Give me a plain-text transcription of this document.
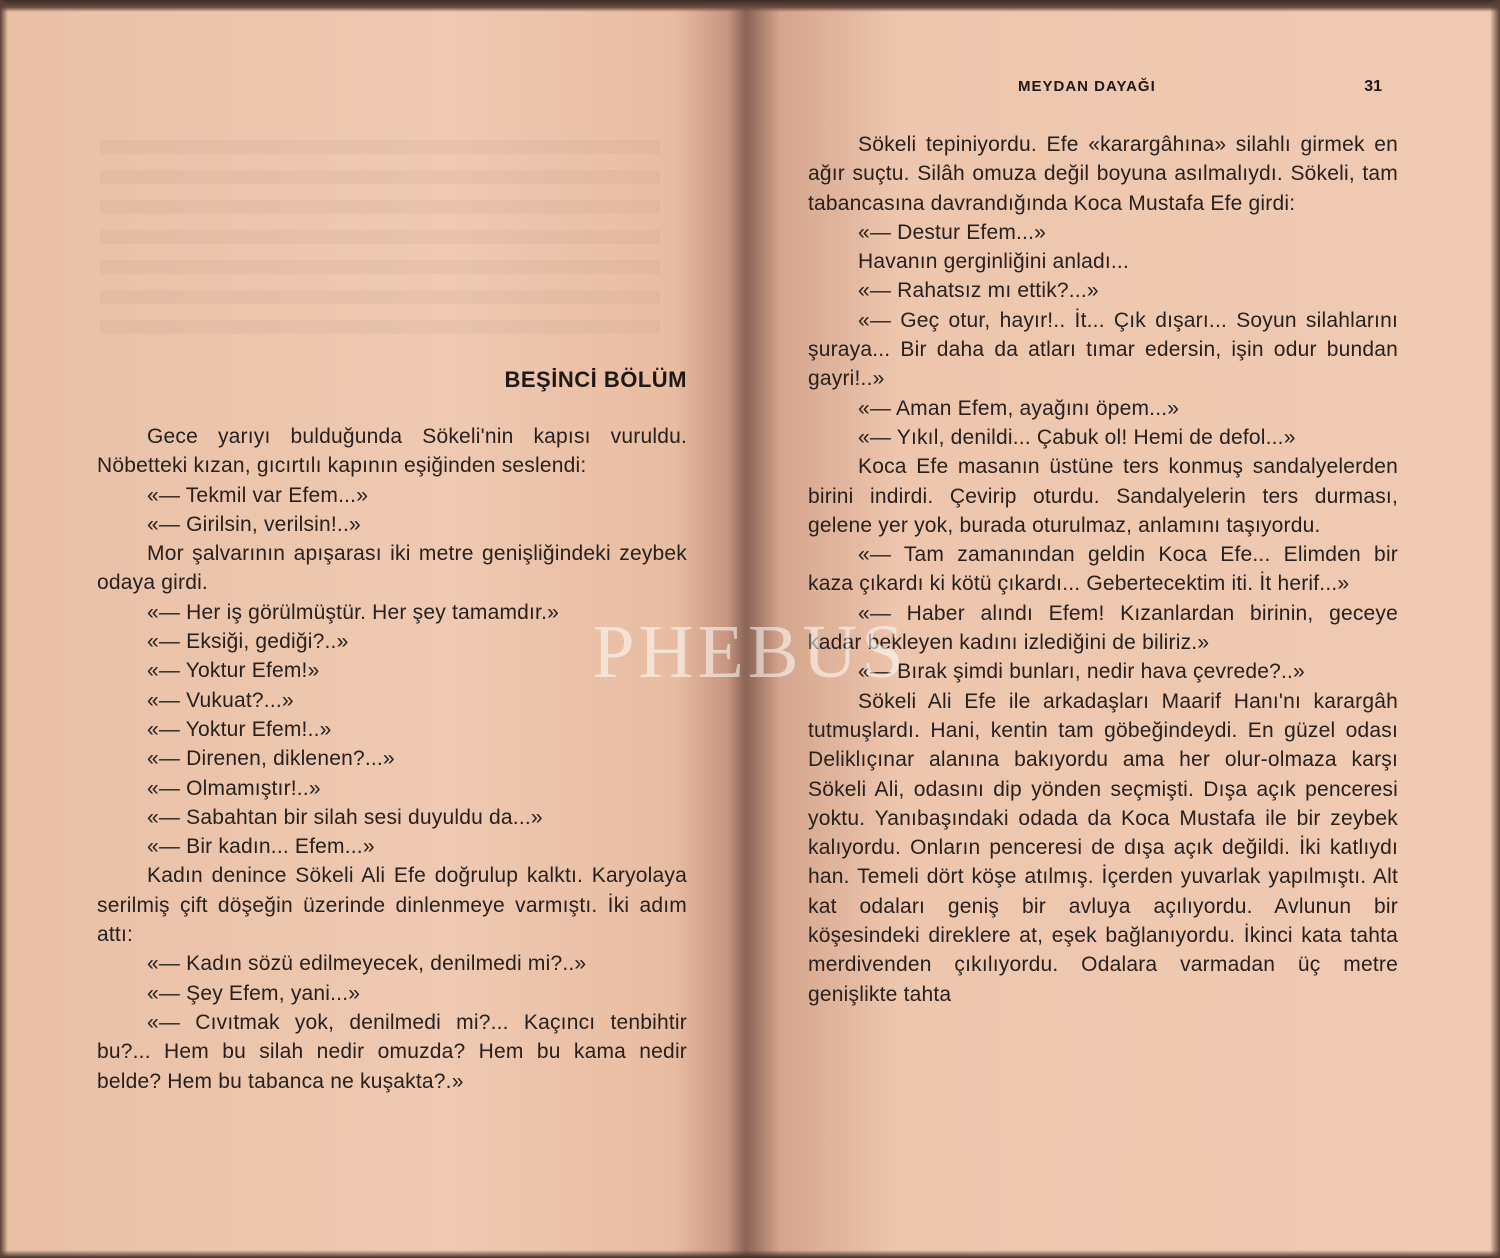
BEŞİNCİ BÖLÜM

Gece yarıyı bulduğunda Sökeli'nin kapısı vuruldu. Nöbetteki kızan, gıcırtılı kapının eşiğinden seslendi:

«— Tekmil var Efem...»

«— Girilsin, verilsin!..»

Mor şalvarının apışarası iki metre genişliğindeki zeybek odaya girdi.

«— Her iş görülmüştür. Her şey tamamdır.»

«— Eksiği, gediği?..»

«— Yoktur Efem!»

«— Vukuat?...»

«— Yoktur Efem!..»

«— Direnen, diklenen?...»

«— Olmamıştır!..»

«— Sabahtan bir silah sesi duyuldu da...»

«— Bir kadın... Efem...»

Kadın denince Sökeli Ali Efe doğrulup kalktı. Karyolaya serilmiş çift döşeğin üzerinde dinlenmeye varmıştı. İki adım attı:

«— Kadın sözü edilmeyecek, denilmedi mi?..»

«— Şey Efem, yani...»

«— Cıvıtmak yok, denilmedi mi?... Kaçıncı tenbihtir bu?... Hem bu silah nedir omuzda? Hem bu kama nedir belde? Hem bu tabanca ne kuşakta?.»

MEYDAN DAYAĞI	31

Sökeli tepiniyordu. Efe «karargâhına» silahlı girmek en ağır suçtu. Silâh omuza değil boyuna asılmalıydı. Sökeli, tam tabancasına davrandığında Koca Mustafa Efe girdi:

«— Destur Efem...»

Havanın gerginliğini anladı...

«— Rahatsız mı ettik?...»

«— Geç otur, hayır!.. İt... Çık dışarı... Soyun silahlarını şuraya... Bir daha da atları tımar edersin, işin odur bundan gayri!..»

«— Aman Efem, ayağını öpem...»

«— Yıkıl, denildi... Çabuk ol! Hemi de defol...»

Koca Efe masanın üstüne ters konmuş sandalyelerden birini indirdi. Çevirip oturdu. Sandalyelerin ters durması, gelene yer yok, burada oturulmaz, anlamını taşıyordu.

«— Tam zamanından geldin Koca Efe... Elimden bir kaza çıkardı ki kötü çıkardı... Gebertecektim iti. İt herif...»

«— Haber alındı Efem! Kızanlardan birinin, geceye kadar bekleyen kadını izlediğini de biliriz.»

«— Bırak şimdi bunları, nedir hava çevrede?..»

Sökeli Ali Efe ile arkadaşları Maarif Hanı'nı karargâh tutmuşlardı. Hani, kentin tam göbeğindeydi. En güzel odası Deliklıçınar alanına bakıyordu ama her olur-olmaza karşı Sökeli Ali, odasını dip yönden seçmişti. Dışa açık penceresi yoktu. Yanıbaşındaki odada da Koca Mustafa ile bir zeybek kalıyordu. Onların penceresi de dışa açık değildi. İki katlıydı han. Temeli dört köşe atılmış. İçerden yuvarlak yapılmıştı. Alt kat odaları geniş bir avluya açılıyordu. Avlunun bir köşesindeki direklere at, eşek bağlanıyordu. İkinci kata tahta merdivenden çıkılıyordu. Odalara varmadan üç metre genişlikte tahta

PHEBUS
